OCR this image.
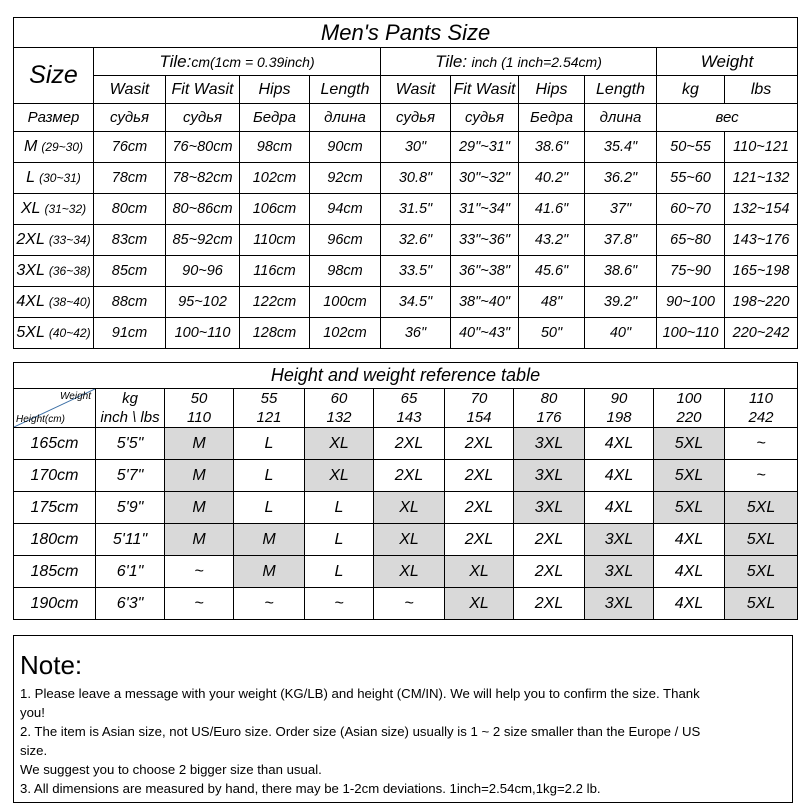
Men's Pants Size										
Size	Tile:cm(1cm = 0.39inch)				Tile: inch (1 inch=2.54cm)				Weight	
	Wasit	Fit Wasit	Hips	Length	Wasit	Fit Wasit	Hips	Length	kg	lbs
Размер	судья	судья	Бедра	длина	судья	судья	Бедра	длина	вес	
M (29~30)	76cm	76~80cm	98cm	90cm	30"	29"~31"	38.6"	35.4"	50~55	110~121
L (30~31)	78cm	78~82cm	102cm	92cm	30.8"	30"~32"	40.2"	36.2"	55~60	121~132
XL (31~32)	80cm	80~86cm	106cm	94cm	31.5"	31"~34"	41.6"	37"	60~70	132~154
2XL (33~34)	83cm	85~92cm	110cm	96cm	32.6"	33"~36"	43.2"	37.8"	65~80	143~176
3XL (36~38)	85cm	90~96	116cm	98cm	33.5"	36"~38"	45.6"	38.6"	75~90	165~198
4XL (38~40)	88cm	95~102	122cm	100cm	34.5"	38"~40"	48"	39.2"	90~100	198~220
5XL (40~42)	91cm	100~110	128cm	102cm	36"	40"~43"	50"	40"	100~110	220~242
Height and weight reference table										

Weight
Height(cm)	kg	50	55	60	65	70	80	90	100	110
	inch \ lbs	110	121	132	143	154	176	198	220	242
165cm	5'5"	M	L	XL	2XL	2XL	3XL	4XL	5XL	~
170cm	5'7"	M	L	XL	2XL	2XL	3XL	4XL	5XL	~
175cm	5'9"	M	L	L	XL	2XL	3XL	4XL	5XL	5XL
180cm	5'11"	M	M	L	XL	2XL	2XL	3XL	4XL	5XL
185cm	6'1"	~	M	L	XL	XL	2XL	3XL	4XL	5XL
190cm	6'3"	~	~	~	~	XL	2XL	3XL	4XL	5XL
Note:
1. Please leave a message with your weight (KG/LB) and height (CM/IN). We will help you to confirm the size. Thank
you!
2. The item is Asian size, not US/Euro size. Order size (Asian size) usually is 1 ~ 2 size smaller than the Europe / US
size.
We suggest you to choose 2 bigger size than usual.
3. All dimensions are measured by hand, there may be 1-2cm deviations. 1inch=2.54cm,1kg=2.2 lb.
